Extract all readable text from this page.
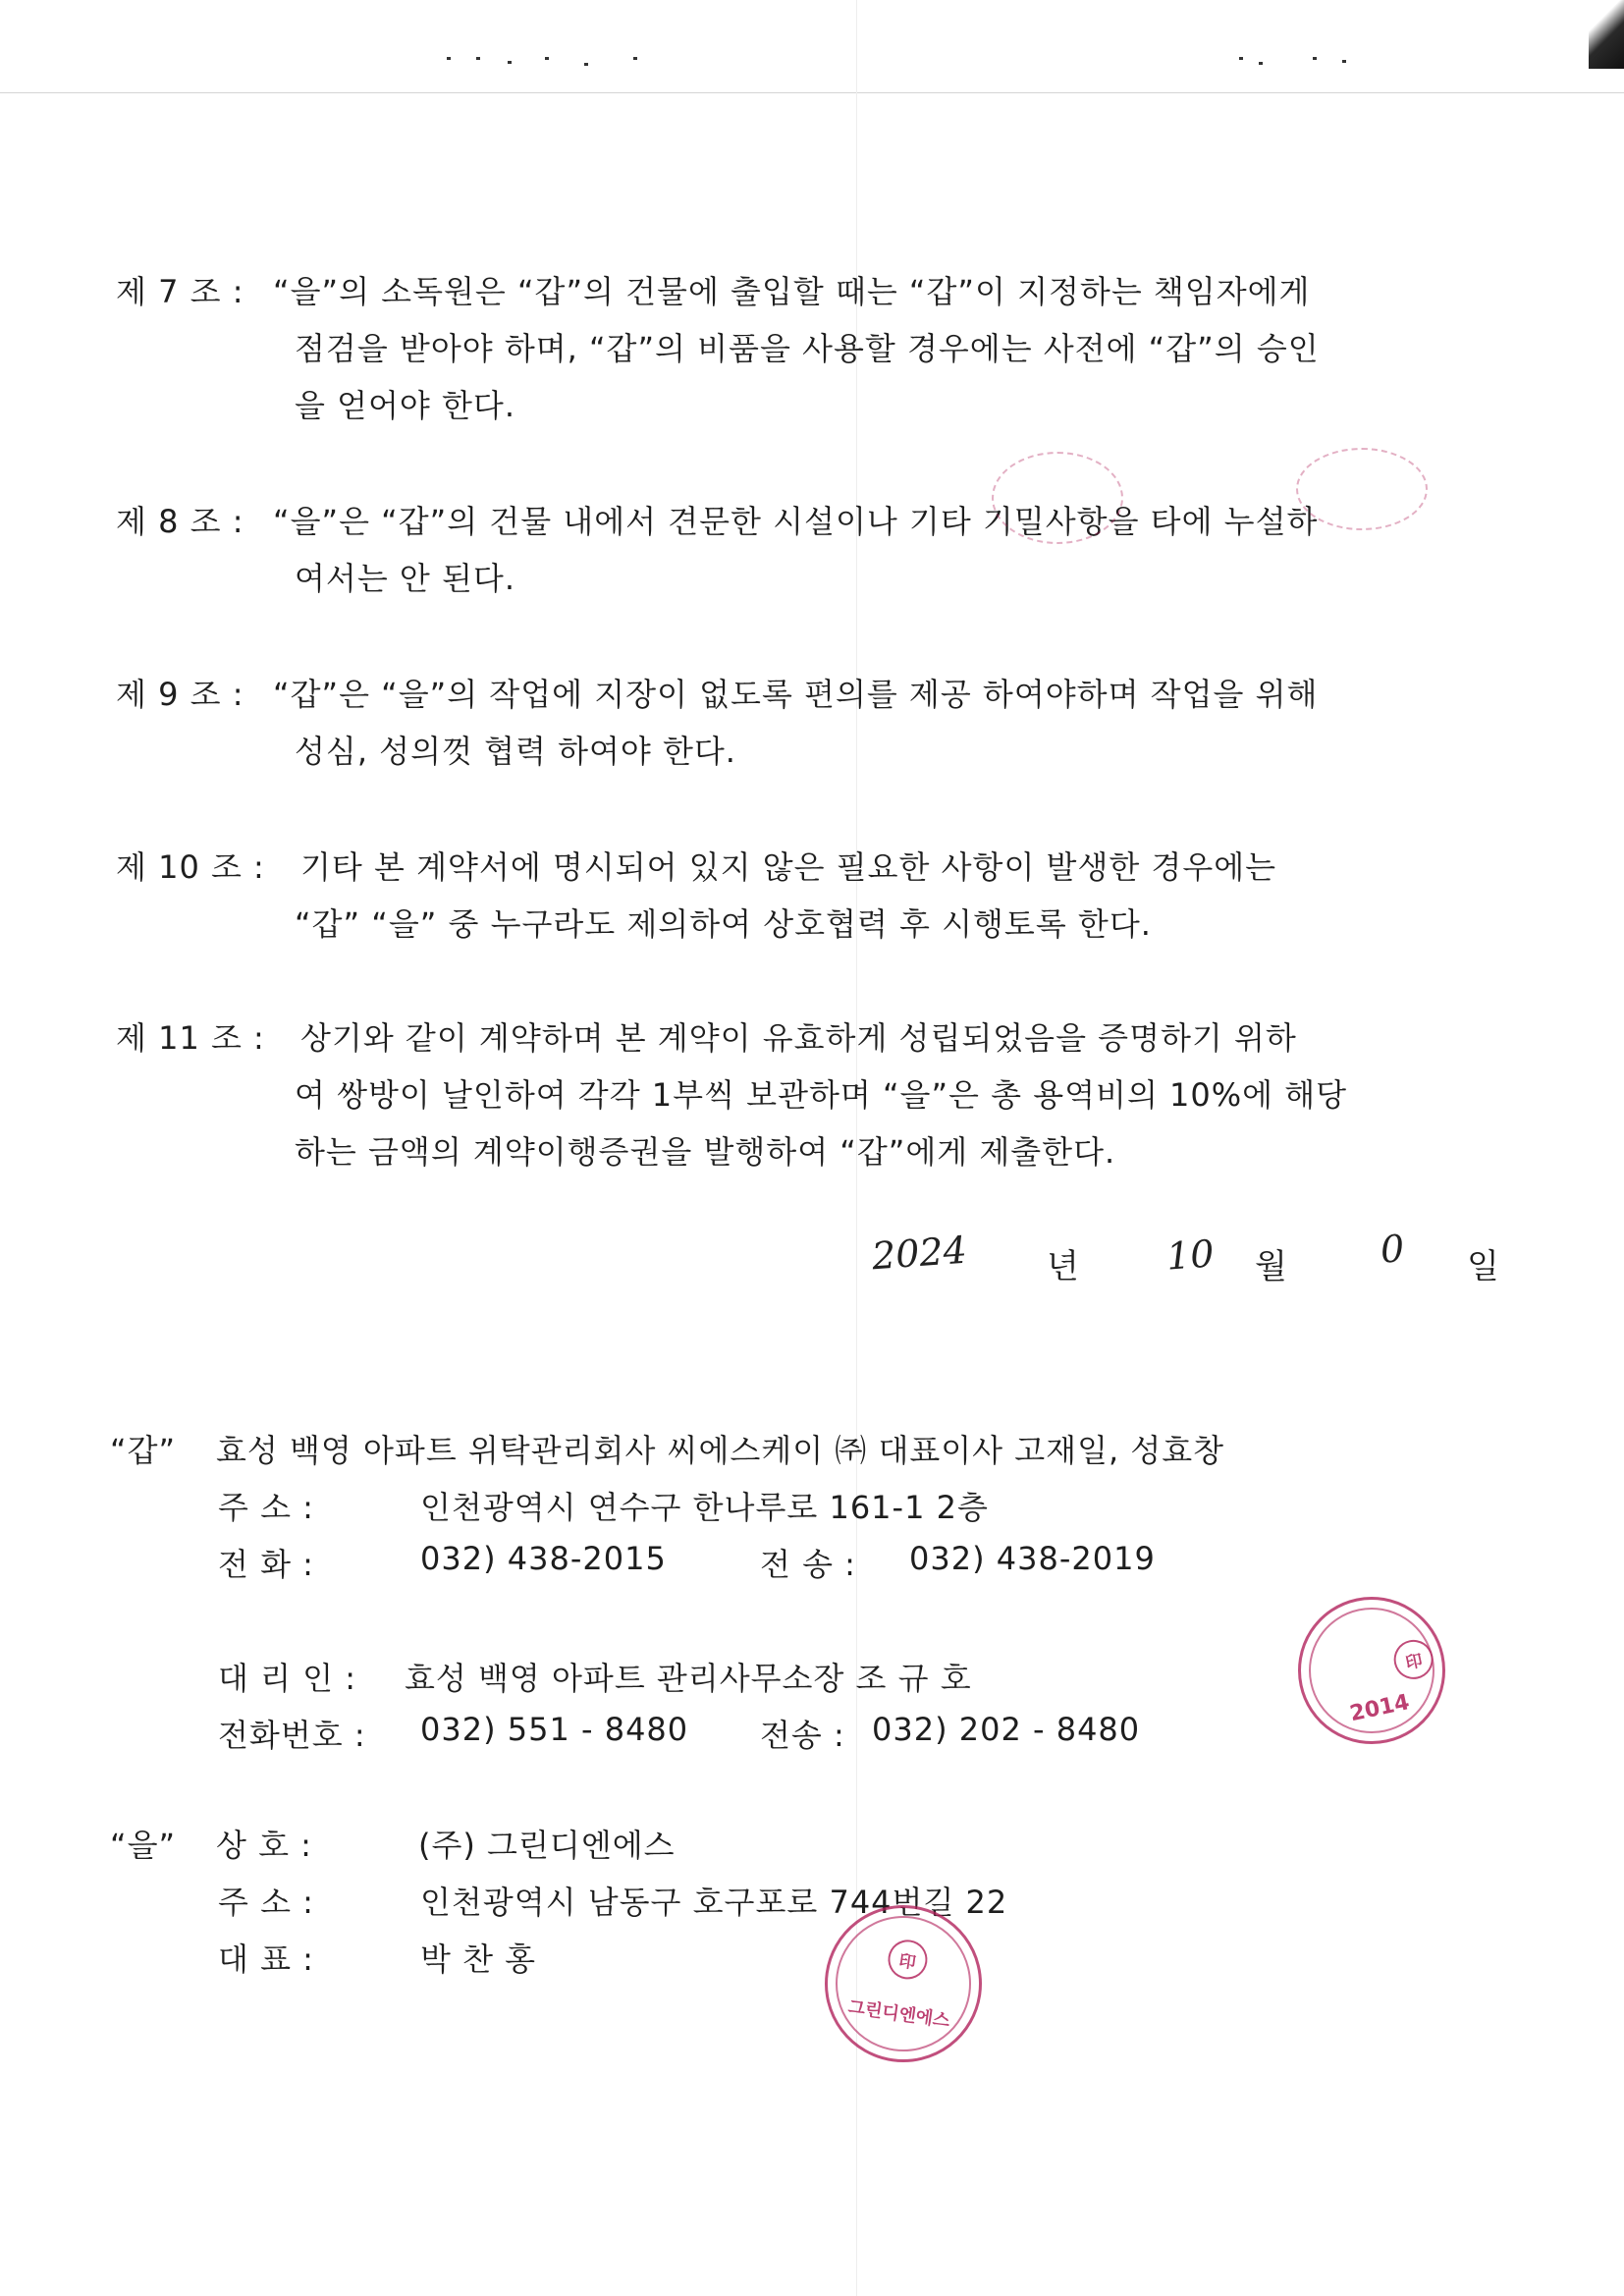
제 7 조 : “을”의 소독원은 “갑”의 건물에 출입할 때는 “갑”이 지정하는 책임자에게
점검을 받아야 하며, “갑”의 비품을 사용할 경우에는 사전에 “갑”의 승인
을 얻어야 한다.
제 8 조 : “을”은 “갑”의 건물 내에서 견문한 시설이나 기타 기밀사항을 타에 누설하
여서는 안 된다.
제 9 조 : “갑”은 “을”의 작업에 지장이 없도록 편의를 제공 하여야하며 작업을 위해
성심, 성의껏 협력 하여야 한다.
제 10 조 : 기타 본 계약서에 명시되어 있지 않은 필요한 사항이 발생한 경우에는
“갑” “을” 중 누구라도 제의하여 상호협력 후 시행토록 한다.
제 11 조 : 상기와 같이 계약하며 본 계약이 유효하게 성립되었음을 증명하기 위하
여 쌍방이 날인하여 각각 1부씩 보관하며 “을”은 총 용역비의 10%에 해당
하는 금액의 계약이행증권을 발행하여 “갑”에게 제출한다.
2024 년 10 월 0 일
“갑” 효성 백영 아파트 위탁관리회사 씨에스케이 ㈜ 대표이사 고재일, 성효창
주 소 :	인천광역시 연수구 한나루로 161-1 2층
전 화 :	032) 438-2015	전 송 : 032) 438-2019
대 리 인 : 효성 백영 아파트 관리사무소장 조 규 호
전화번호 : 032) 551 - 8480 전송 : 032) 202 - 8480
“을” 상 호 :	(주) 그린디엔에스
주 소 :	인천광역시 남동구 호구포로 744번길 22
대 표 :	박 찬 홍
2014
印
그린디엔에스
印
